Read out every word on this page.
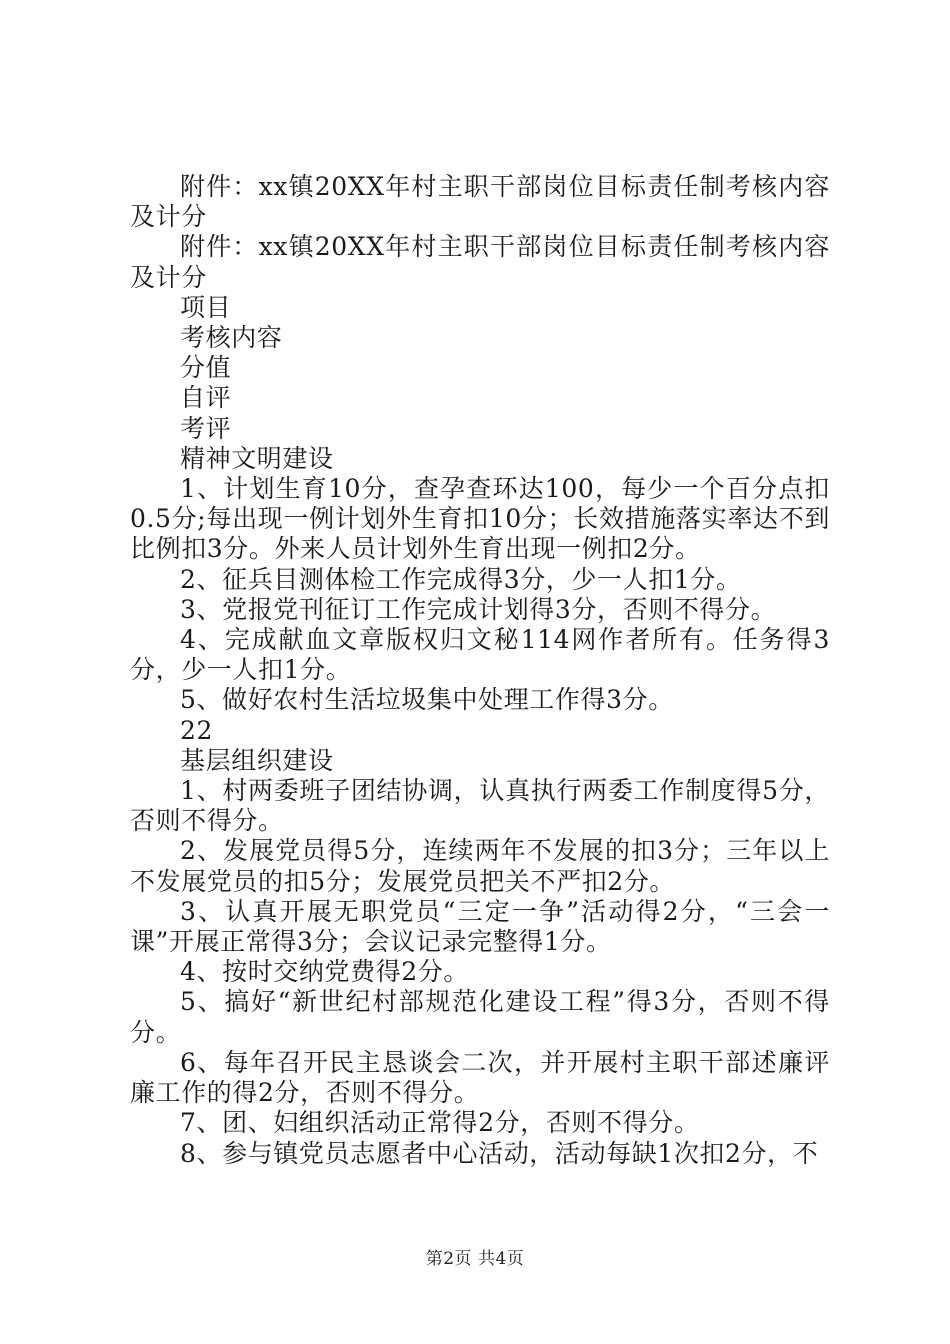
附件：xx镇20XX年村主职干部岗位目标责任制考核内容及计分

附件：xx镇20XX年村主职干部岗位目标责任制考核内容及计分

项目

考核内容

分值

自评

考评

精神文明建设

1、计划生育10分，查孕查环达100，每少一个百分点扣0.5分;每出现一例计划外生育扣10分；长效措施落实率达不到比例扣3分。外来人员计划外生育出现一例扣2分。

2、征兵目测体检工作完成得3分，少一人扣1分。

3、党报党刊征订工作完成计划得3分，否则不得分。

4、完成献血文章版权归文秘114网作者所有。任务得3分，少一人扣1分。

5、做好农村生活垃圾集中处理工作得3分。

22

基层组织建设

1、村两委班子团结协调，认真执行两委工作制度得5分，否则不得分。

2、发展党员得5分，连续两年不发展的扣3分；三年以上不发展党员的扣5分；发展党员把关不严扣2分。

3、认真开展无职党员“三定一争”活动得2分，“三会一课”开展正常得3分；会议记录完整得1分。

4、按时交纳党费得2分。

5、搞好“新世纪村部规范化建设工程”得3分，否则不得分。

6、每年召开民主恳谈会二次，并开展村主职干部述廉评廉工作的得2分，否则不得分。

7、团、妇组织活动正常得2分，否则不得分。

8、参与镇党员志愿者中心活动，活动每缺1次扣2分，不

第2页 共4页
